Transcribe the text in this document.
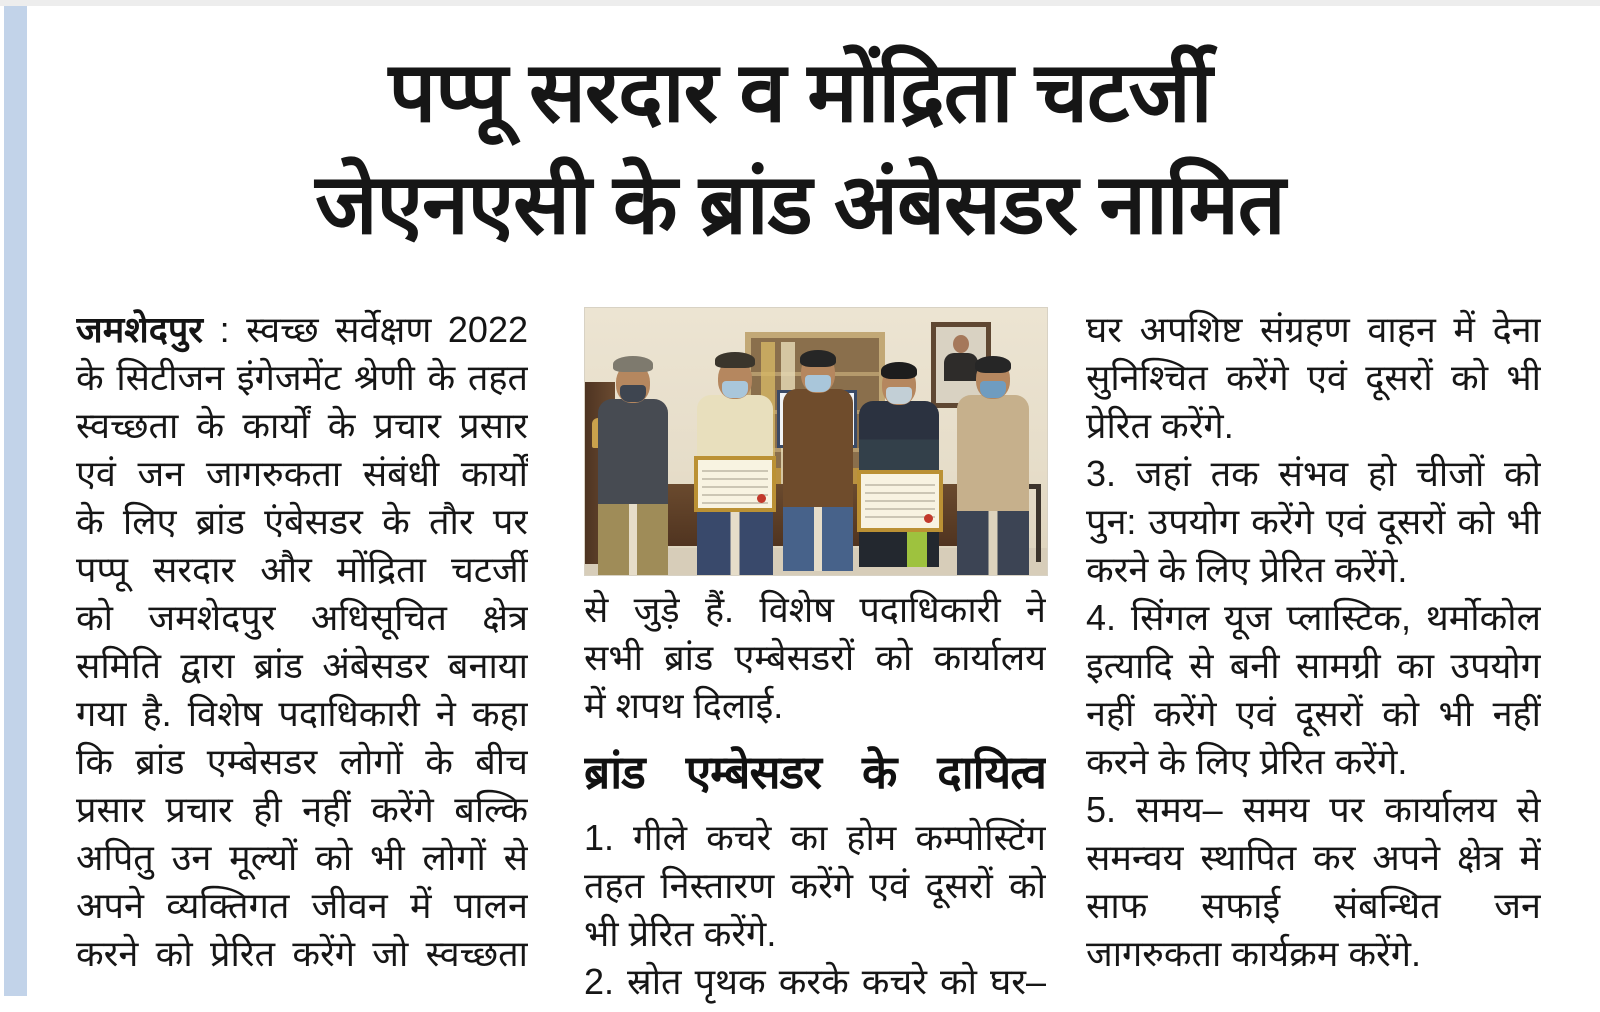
पप्पू सरदार व मोंद्रिता चटर्जी
जेएनएसी के ब्रांड अंबेसडर नामित
जमशेदपुर : स्वच्छ सर्वेक्षण 2022
के सिटीजन इंगेजमेंट श्रेणी के तहत
स्वच्छता के कार्यों के प्रचार प्रसार
एवं जन जागरुकता संबंधी कार्यों
के लिए ब्रांड एंबेसडर के तौर पर
पप्पू सरदार और मोंद्रिता चटर्जी
को जमशेदपुर अधिसूचित क्षेत्र
समिति द्वारा ब्रांड अंबेसडर बनाया
गया है. विशेष पदाधिकारी ने कहा
कि ब्रांड एम्बेसडर लोगों के बीच
प्रसार प्रचार ही नहीं करेंगे बल्कि
अपितु उन मूल्यों को भी लोगों से
अपने व्यक्तिगत जीवन में पालन
करने को प्रेरित करेंगे जो स्वच्छता
से जुड़े हैं. विशेष पदाधिकारी ने
सभी ब्रांड एम्बेसडरों को कार्यालय
में शपथ दिलाई.
ब्रांड एम्बेसडर के दायित्व
1. गीले कचरे का होम कम्पोस्टिंग
तहत निस्तारण करेंगे एवं दूसरों को
भी प्रेरित करेंगे.
2. स्रोत पृथक करके कचरे को घर–
घर अपशिष्ट संग्रहण वाहन में देना
सुनिश्चित करेंगे एवं दूसरों को भी
प्रेरित करेंगे.
3. जहां तक संभव हो चीजों को
पुन: उपयोग करेंगे एवं दूसरों को भी
करने के लिए प्रेरित करेंगे.
4. सिंगल यूज प्लास्टिक, थर्मोकोल
इत्यादि से बनी सामग्री का उपयोग
नहीं करेंगे एवं दूसरों को भी नहीं
करने के लिए प्रेरित करेंगे.
5. समय– समय पर कार्यालय से
समन्वय स्थापित कर अपने क्षेत्र में
साफ सफाई संबन्धित जन
जागरुकता कार्यक्रम करेंगे.
